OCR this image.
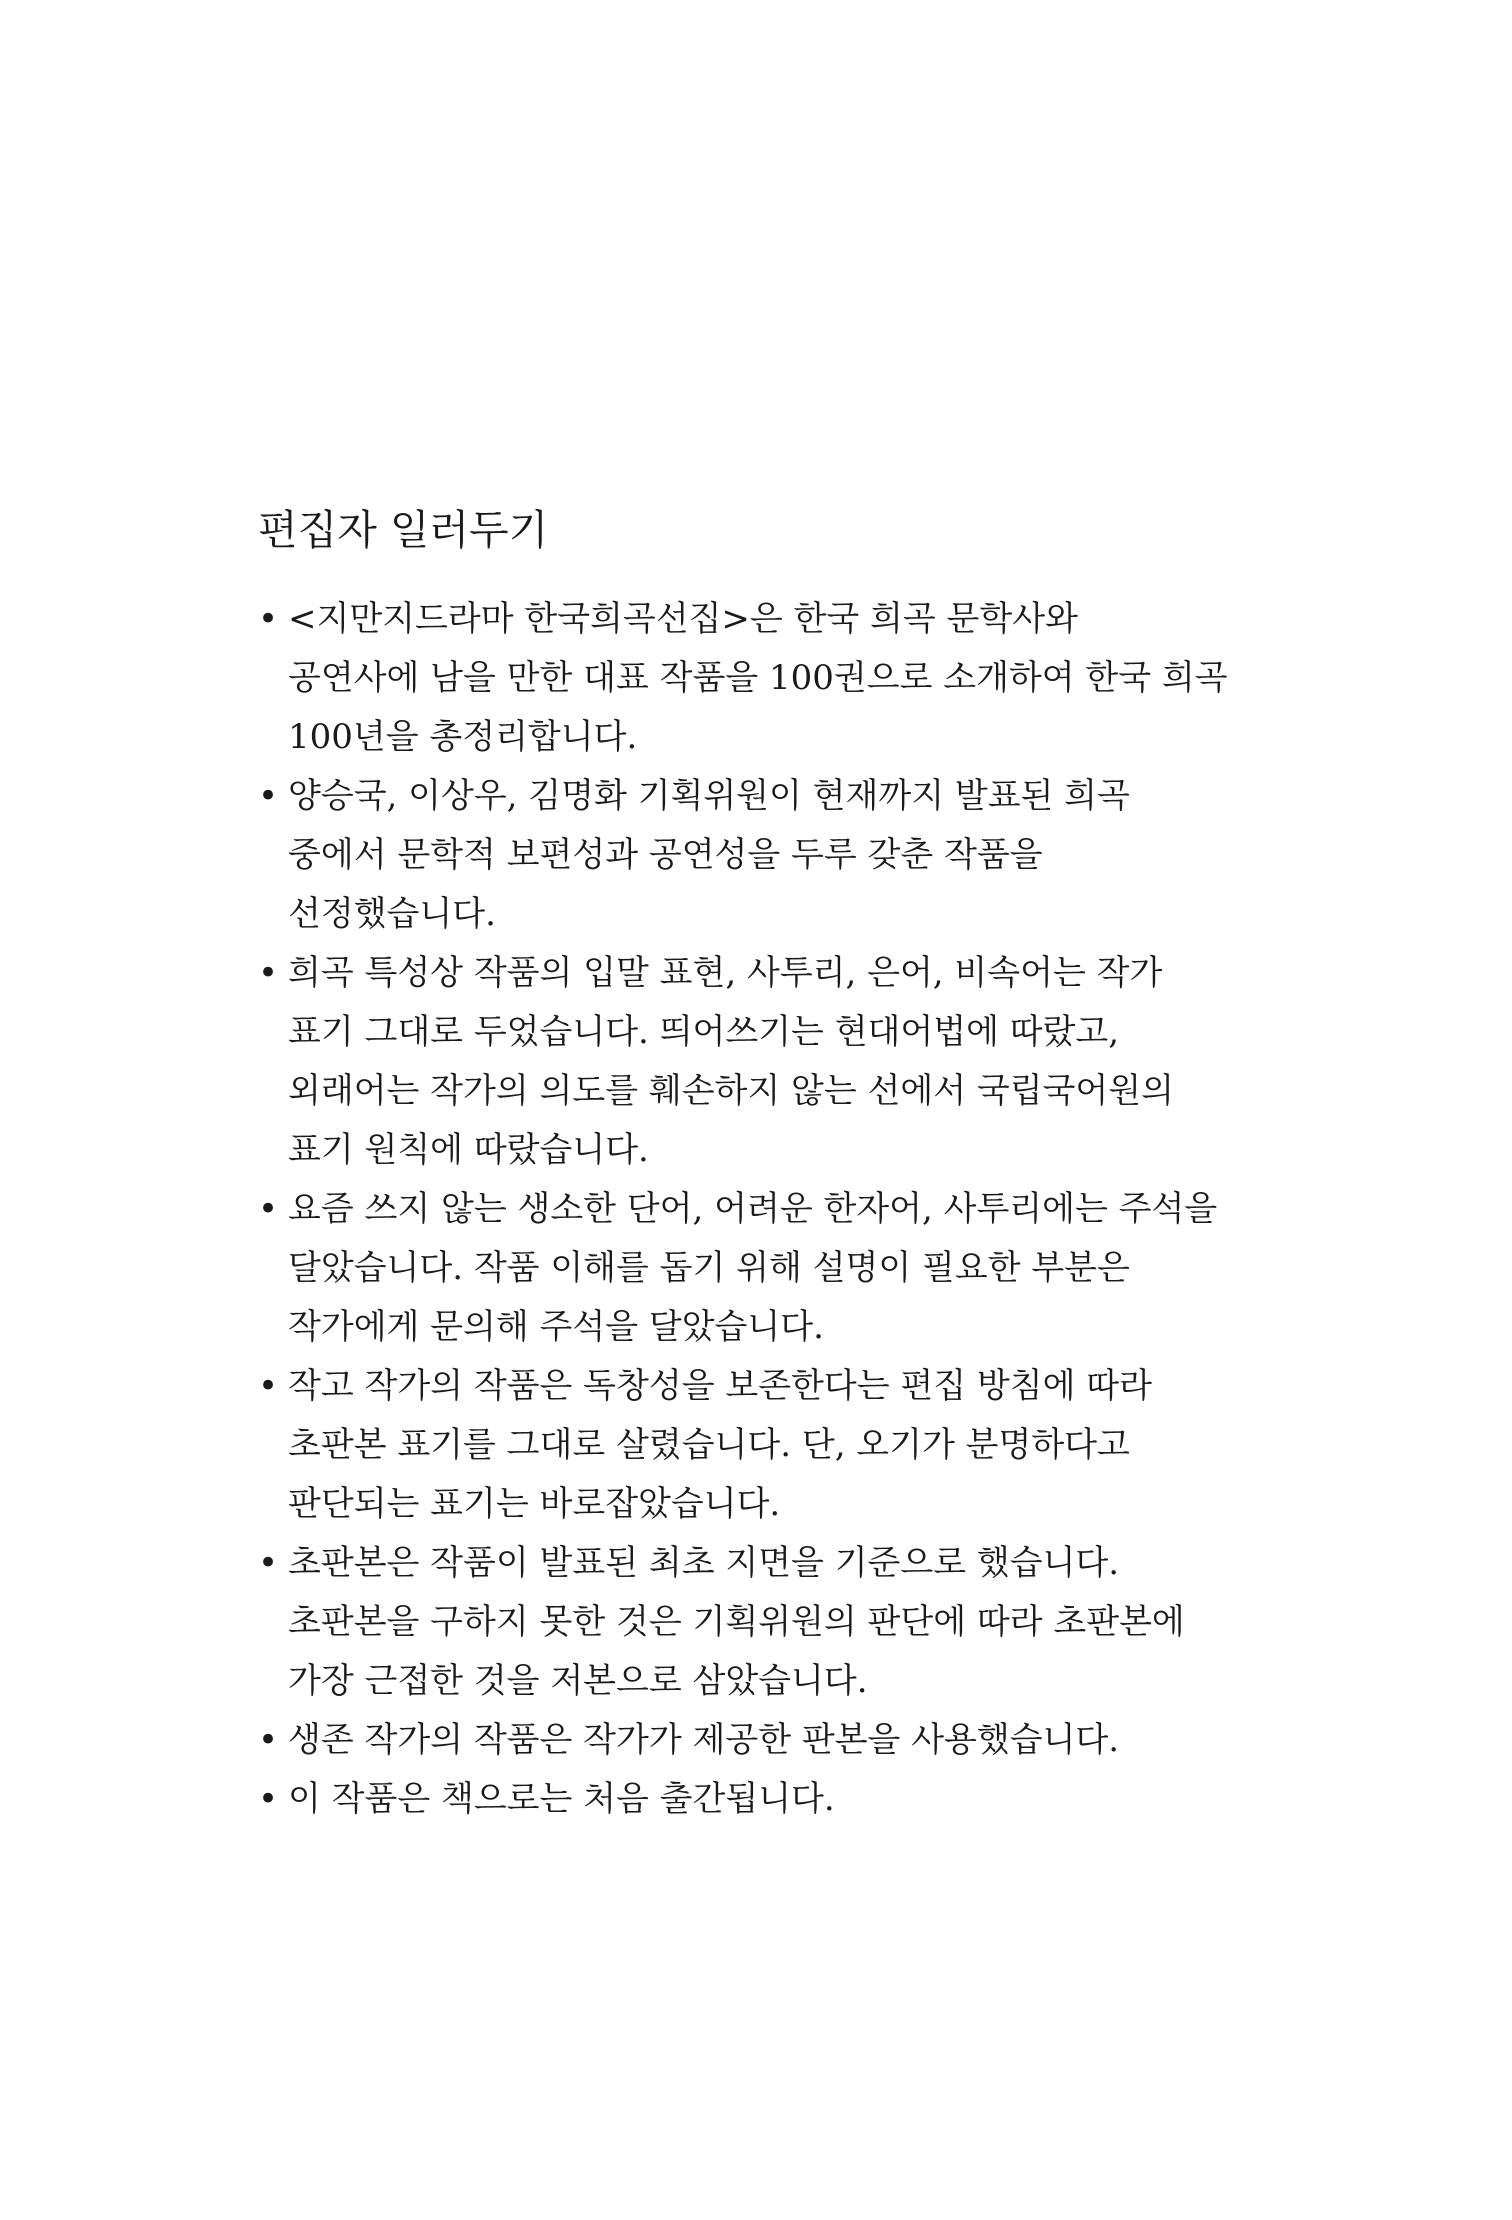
편집자 일러두기
• <지만지드라마 한국희곡선집>은 한국 희곡 문학사와
공연사에 남을 만한 대표 작품을 100권으로 소개하여 한국 희곡
100년을 총정리합니다.
• 양승국, 이상우, 김명화 기획위원이 현재까지 발표된 희곡
중에서 문학적 보편성과 공연성을 두루 갖춘 작품을
선정했습니다.
• 희곡 특성상 작품의 입말 표현, 사투리, 은어, 비속어는 작가
표기 그대로 두었습니다. 띄어쓰기는 현대어법에 따랐고,
외래어는 작가의 의도를 훼손하지 않는 선에서 국립국어원의
표기 원칙에 따랐습니다.
• 요즘 쓰지 않는 생소한 단어, 어려운 한자어, 사투리에는 주석을
달았습니다. 작품 이해를 돕기 위해 설명이 필요한 부분은
작가에게 문의해 주석을 달았습니다.
• 작고 작가의 작품은 독창성을 보존한다는 편집 방침에 따라
초판본 표기를 그대로 살렸습니다. 단, 오기가 분명하다고
판단되는 표기는 바로잡았습니다.
• 초판본은 작품이 발표된 최초 지면을 기준으로 했습니다.
초판본을 구하지 못한 것은 기획위원의 판단에 따라 초판본에
가장 근접한 것을 저본으로 삼았습니다.
• 생존 작가의 작품은 작가가 제공한 판본을 사용했습니다.
• 이 작품은 책으로는 처음 출간됩니다.
